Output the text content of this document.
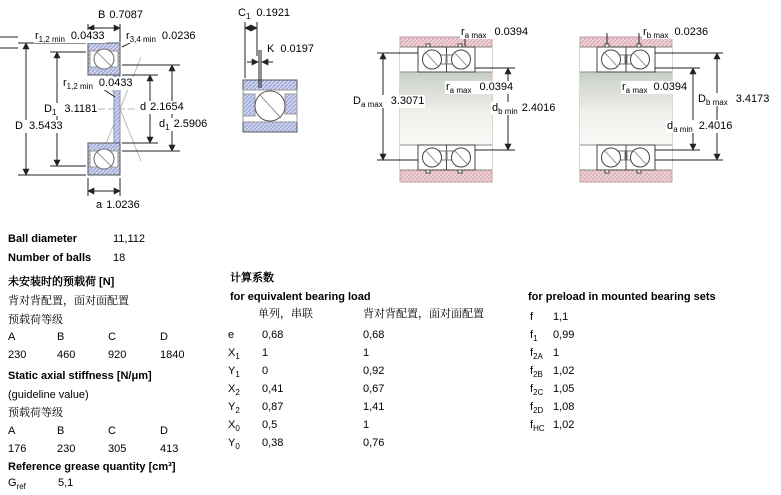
B 0.7087
$r_{1,2 min}$ 0.0433 $r_{3,4 min}$ 0.0236
$r_{1,2 min}$ 0.0433
$D_1$ 3.1181
D 3.5433
d 2.1654
$d_1$ 2.5906
a 1.0236
$C_1$ 0.1921
K 0.0197
$r_{a max}$ 0.0394
$r_{a max}$ 0.0394
$D_{a max}$ 3.3071
$d_{b min}$ 2.4016
$r_{b max}$ 0.0236
$r_{a max}$ 0.0394
$D_{b max}$ 3.4173
$d_{a min}$ 2.4016
Ball diameter	11,112
Number of balls 18
未安装时的预载荷 [N]
背对背配置，面对面配置
预载荷等级
A	B	C	D
230	460	920	1840
Static axial stiffness [N/μm]
(guideline value)
预载荷等级
A	B	C	D
176	230	305	413
Reference grease quantity [cm³]
$G_{ref}$	5,1
计算系数
for equivalent bearing load
单列，串联	背对背配置，面对面配置
e	0,68	0,68
$X_1$ 1	1
$Y_1$ 0	0,92
$X_2$ 0,41	0,67
$Y_2$ 0,87	1,41
$X_0$ 0,5	1
$Y_0$ 0,38	0,76
for preload in mounted bearing sets
f 1,1
$f_1$ 0,99
$f_{2A}$ 1
$f_{2B}$ 1,02
$f_{2C}$ 1,05
$f_{2D}$ 1,08
$f_{HC}$ 1,02
